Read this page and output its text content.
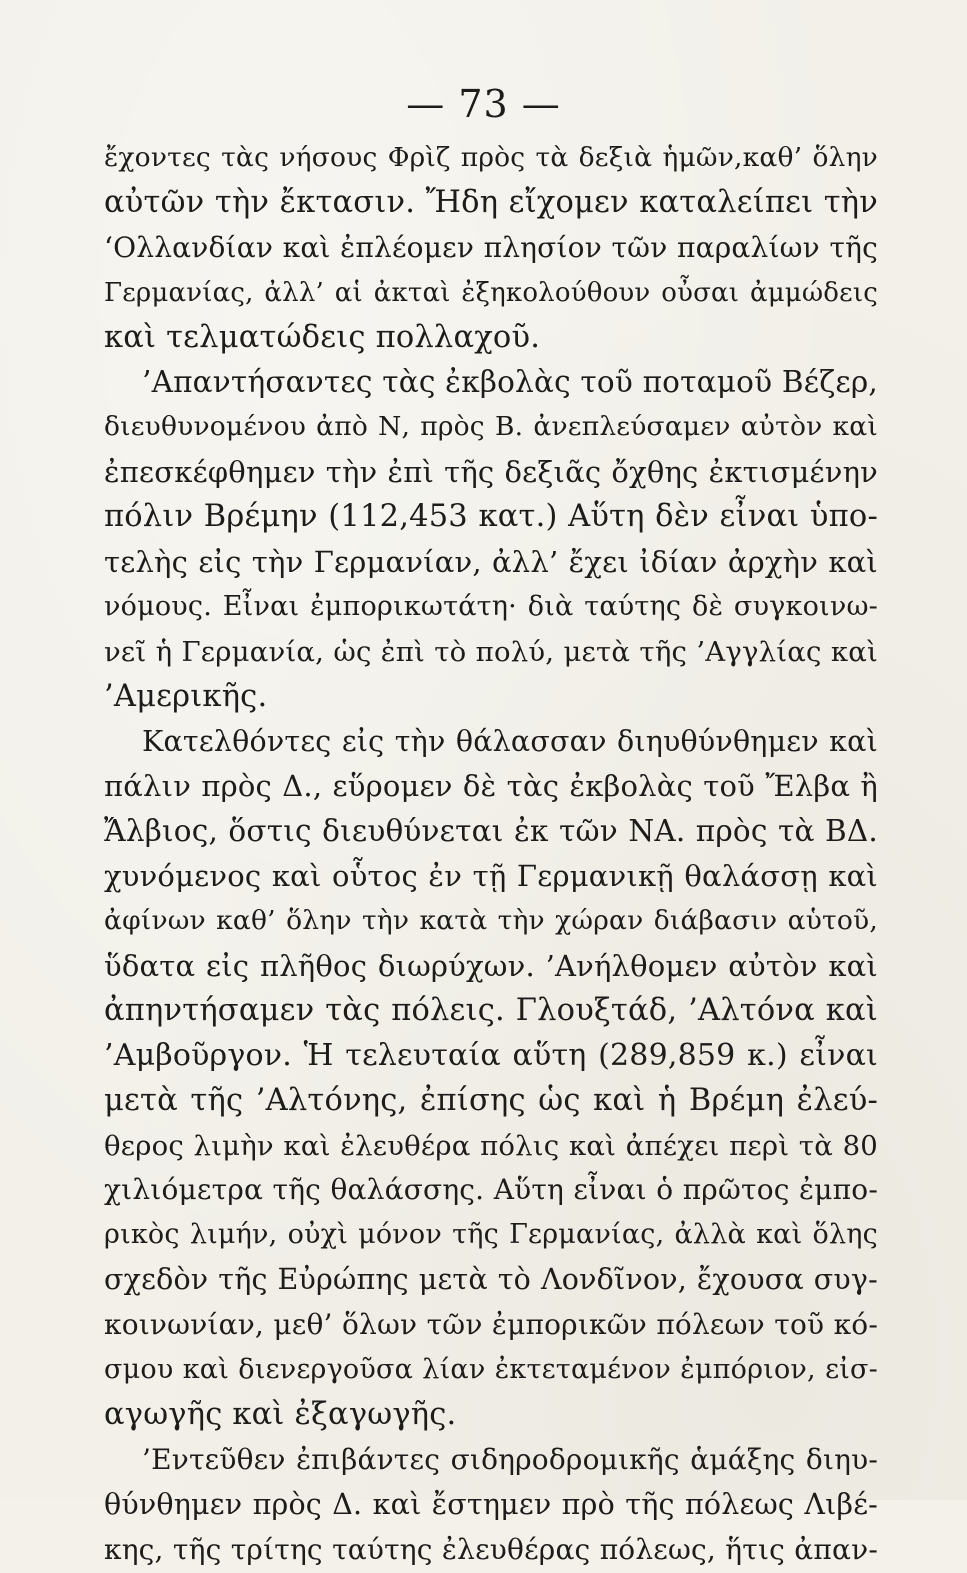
— 73 —
ἔχοντες τὰς νήσους Φρὶζ πρὸς τὰ δεξιὰ ἡμῶν,καθ’ ὅλην
αὐτῶν τὴν ἔκτασιν. Ἤδη εἴχομεν καταλείπει τὴν
‘Ολλανδίαν καὶ ἐπλέομεν πλησίον τῶν παραλίων τῆς
Γερμανίας, ἀλλ’ αἱ ἀκταὶ ἐξηκολούθουν οὖσαι ἀμμώδεις
καὶ τελματώδεις πολλαχοῦ.
’Απαντήσαντες τὰς ἐκβολὰς τοῦ ποταμοῦ Βέζερ,
διευθυνομένου ἀπὸ Ν, πρὸς Β. ἀνεπλεύσαμεν αὐτὸν καὶ
ἐπεσκέφθημεν τὴν ἐπὶ τῆς δεξιᾶς ὄχθης ἐκτισμένην
πόλιν Βρέμην (112,453 κατ.) Αὕτη δὲν εἶναι ὑπο-
τελὴς εἰς τὴν Γερμανίαν, ἀλλ’ ἔχει ἰδίαν ἀρχὴν καὶ
νόμους. Εἶναι ἐμπορικωτάτη· διὰ ταύτης δὲ συγκοινω-
νεῖ ἡ Γερμανία, ὡς ἐπὶ τὸ πολύ, μετὰ τῆς ’Αγγλίας καὶ
’Αμερικῆς.
Κατελθόντες εἰς τὴν θάλασσαν διηυθύνθημεν καὶ
πάλιν πρὸς Δ., εὕρομεν δὲ τὰς ἐκβολὰς τοῦ Ἔλβα ἢ
Ἄλβιος, ὅστις διευθύνεται ἐκ τῶν ΝΑ. πρὸς τὰ ΒΔ.
χυνόμενος καὶ οὗτος ἐν τῇ Γερμανικῇ θαλάσσῃ καὶ
ἀφίνων καθ’ ὅλην τὴν κατὰ τὴν χώραν διάβασιν αὑτοῦ,
ὕδατα εἰς πλῆθος διωρύχων. ’Ανήλθομεν αὐτὸν καὶ
ἀπηντήσαμεν τὰς πόλεις. Γλουξτάδ, ’Αλτόνα καὶ
’Αμβοῦργον. Ἡ τελευταία αὕτη (289,859 κ.) εἶναι
μετὰ τῆς ’Αλτόνης, ἐπίσης ὡς καὶ ἡ Βρέμη ἐλεύ-
θερος λιμὴν καὶ ἐλευθέρα πόλις καὶ ἀπέχει περὶ τὰ 80
χιλιόμετρα τῆς θαλάσσης. Αὕτη εἶναι ὁ πρῶτος ἐμπο-
ρικὸς λιμήν, οὐχὶ μόνον τῆς Γερμανίας, ἀλλὰ καὶ ὅλης
σχεδὸν τῆς Εὐρώπης μετὰ τὸ Λονδῖνον, ἔχουσα συγ-
κοινωνίαν, μεθ’ ὅλων τῶν ἐμπορικῶν πόλεων τοῦ κό-
σμου καὶ διενεργοῦσα λίαν ἐκτεταμένον ἐμπόριον, εἰσ-
αγωγῆς καὶ ἐξαγωγῆς.
’Εντεῦθεν ἐπιβάντες σιδηροδρομικῆς ἁμάξης διηυ-
θύνθημεν πρὸς Δ. καὶ ἔστημεν πρὸ τῆς πόλεως Λιβέ-
κης, τῆς τρίτης ταύτης ἐλευθέρας πόλεως, ἥτις ἀπαν-
